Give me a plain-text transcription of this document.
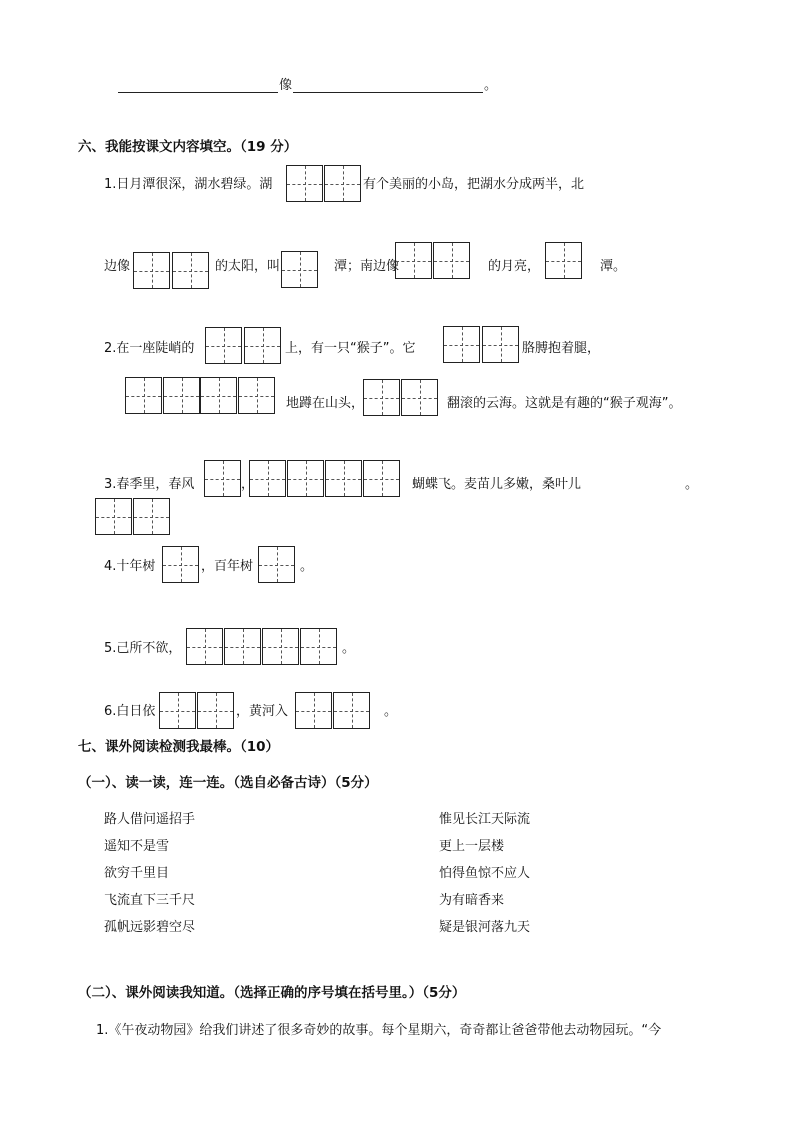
像	。
六、我能按课文内容填空。（19 分）
1.日月潭很深，湖水碧绿。湖	有个美丽的小岛，把湖水分成两半，北
边像	的太阳，叫	潭；南边像	的月亮，	潭。
2.在一座陡峭的	上，有一只“猴子”。它	胳膊抱着腿，
地蹲在山头，	翻滚的云海。这就是有趣的“猴子观海”。
3.春季里，春风	，	蝴蝶飞。麦苗儿多嫩，桑叶儿	。
4.十年树	，百年树	。
5.己所不欲，	。
6.白日依	，黄河入	。
七、课外阅读检测我最棒。（10）
（一）、读一读，连一连。（选自必备古诗）（5分）
路人借问遥招手
遥知不是雪
欲穷千里目
飞流直下三千尺
孤帆远影碧空尽
惟见长江天际流
更上一层楼
怕得鱼惊不应人
为有暗香来
疑是银河落九天
（二）、课外阅读我知道。（选择正确的序号填在括号里。）（5分）
1.《午夜动物园》给我们讲述了很多奇妙的故事。每个星期六，奇奇都让爸爸带他去动物园玩。“今
